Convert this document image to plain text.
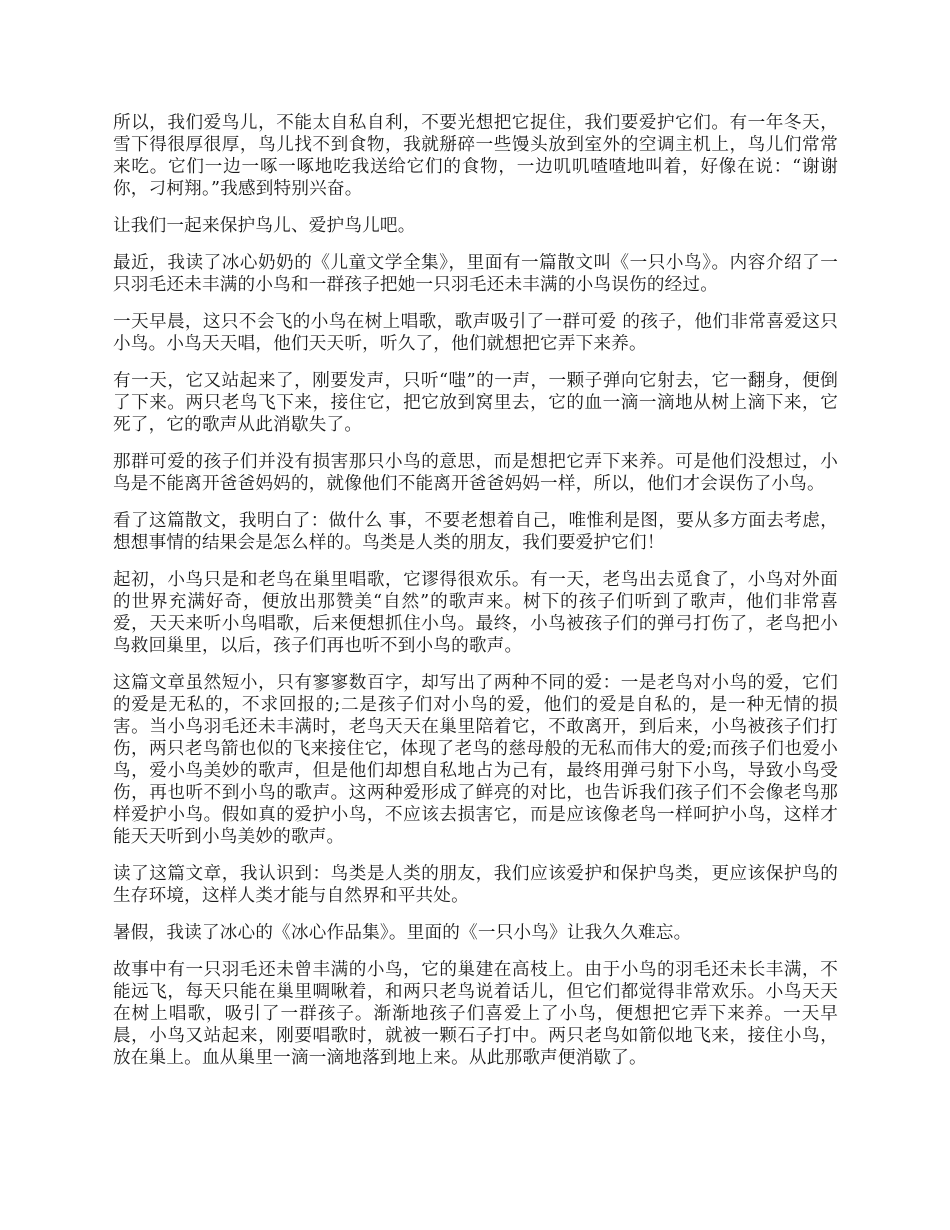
所以，我们爱鸟儿，不能太自私自利，不要光想把它捉住，我们要爱护它们。有一年冬天，雪下得很厚很厚，鸟儿找不到食物，我就掰碎一些馒头放到室外的空调主机上，鸟儿们常常来吃。它们一边一啄一啄地吃我送给它们的食物，一边叽叽喳喳地叫着，好像在说：“谢谢你，刁柯翔。”我感到特别兴奋。

让我们一起来保护鸟儿、爱护鸟儿吧。

最近，我读了冰心奶奶的《儿童文学全集》，里面有一篇散文叫《一只小鸟》。内容介绍了一只羽毛还未丰满的小鸟和一群孩子把她一只羽毛还未丰满的小鸟误伤的经过。

一天早晨，这只不会飞的小鸟在树上唱歌，歌声吸引了一群可爱 的孩子，他们非常喜爱这只小鸟。小鸟天天唱，他们天天听，听久了，他们就想把它弄下来养。

有一天，它又站起来了，刚要发声，只听“嗤”的一声，一颗子弹向它射去，它一翻身，便倒了下来。两只老鸟飞下来，接住它，把它放到窝里去，它的血一滴一滴地从树上滴下来，它死了，它的歌声从此消歇失了。

那群可爱的孩子们并没有损害那只小鸟的意思，而是想把它弄下来养。可是他们没想过，小鸟是不能离开爸爸妈妈的，就像他们不能离开爸爸妈妈一样，所以，他们才会误伤了小鸟。

看了这篇散文，我明白了：做什么 事，不要老想着自己，唯惟利是图，要从多方面去考虑，想想事情的结果会是怎么样的。鸟类是人类的朋友，我们要爱护它们！

起初，小鸟只是和老鸟在巢里唱歌，它谬得很欢乐。有一天，老鸟出去觅食了，小鸟对外面的世界充满好奇，便放出那赞美“自然”的歌声来。树下的孩子们听到了歌声，他们非常喜爱，天天来听小鸟唱歌，后来便想抓住小鸟。最终，小鸟被孩子们的弹弓打伤了，老鸟把小鸟救回巢里，以后，孩子们再也听不到小鸟的歌声。

这篇文章虽然短小，只有寥寥数百字，却写出了两种不同的爱：一是老鸟对小鸟的爱，它们的爱是无私的，不求回报的;二是孩子们对小鸟的爱，他们的爱是自私的，是一种无情的损害。当小鸟羽毛还未丰满时，老鸟天天在巢里陪着它，不敢离开，到后来，小鸟被孩子们打伤，两只老鸟箭也似的飞来接住它，体现了老鸟的慈母般的无私而伟大的爱;而孩子们也爱小鸟，爱小鸟美妙的歌声，但是他们却想自私地占为己有，最终用弹弓射下小鸟，导致小鸟受伤，再也听不到小鸟的歌声。这两种爱形成了鲜亮的对比，也告诉我们孩子们不会像老鸟那样爱护小鸟。假如真的爱护小鸟，不应该去损害它，而是应该像老鸟一样呵护小鸟，这样才能天天听到小鸟美妙的歌声。

读了这篇文章，我认识到：鸟类是人类的朋友，我们应该爱护和保护鸟类，更应该保护鸟的生存环境，这样人类才能与自然界和平共处。

暑假，我读了冰心的《冰心作品集》。里面的《一只小鸟》让我久久难忘。

故事中有一只羽毛还未曾丰满的小鸟，它的巢建在高枝上。由于小鸟的羽毛还未长丰满，不能远飞，每天只能在巢里啁啾着，和两只老鸟说着话儿，但它们都觉得非常欢乐。小鸟天天在树上唱歌，吸引了一群孩子。渐渐地孩子们喜爱上了小鸟，便想把它弄下来养。一天早晨，小鸟又站起来，刚要唱歌时，就被一颗石子打中。两只老鸟如箭似地飞来，接住小鸟，放在巢上。血从巢里一滴一滴地落到地上来。从此那歌声便消歇了。
